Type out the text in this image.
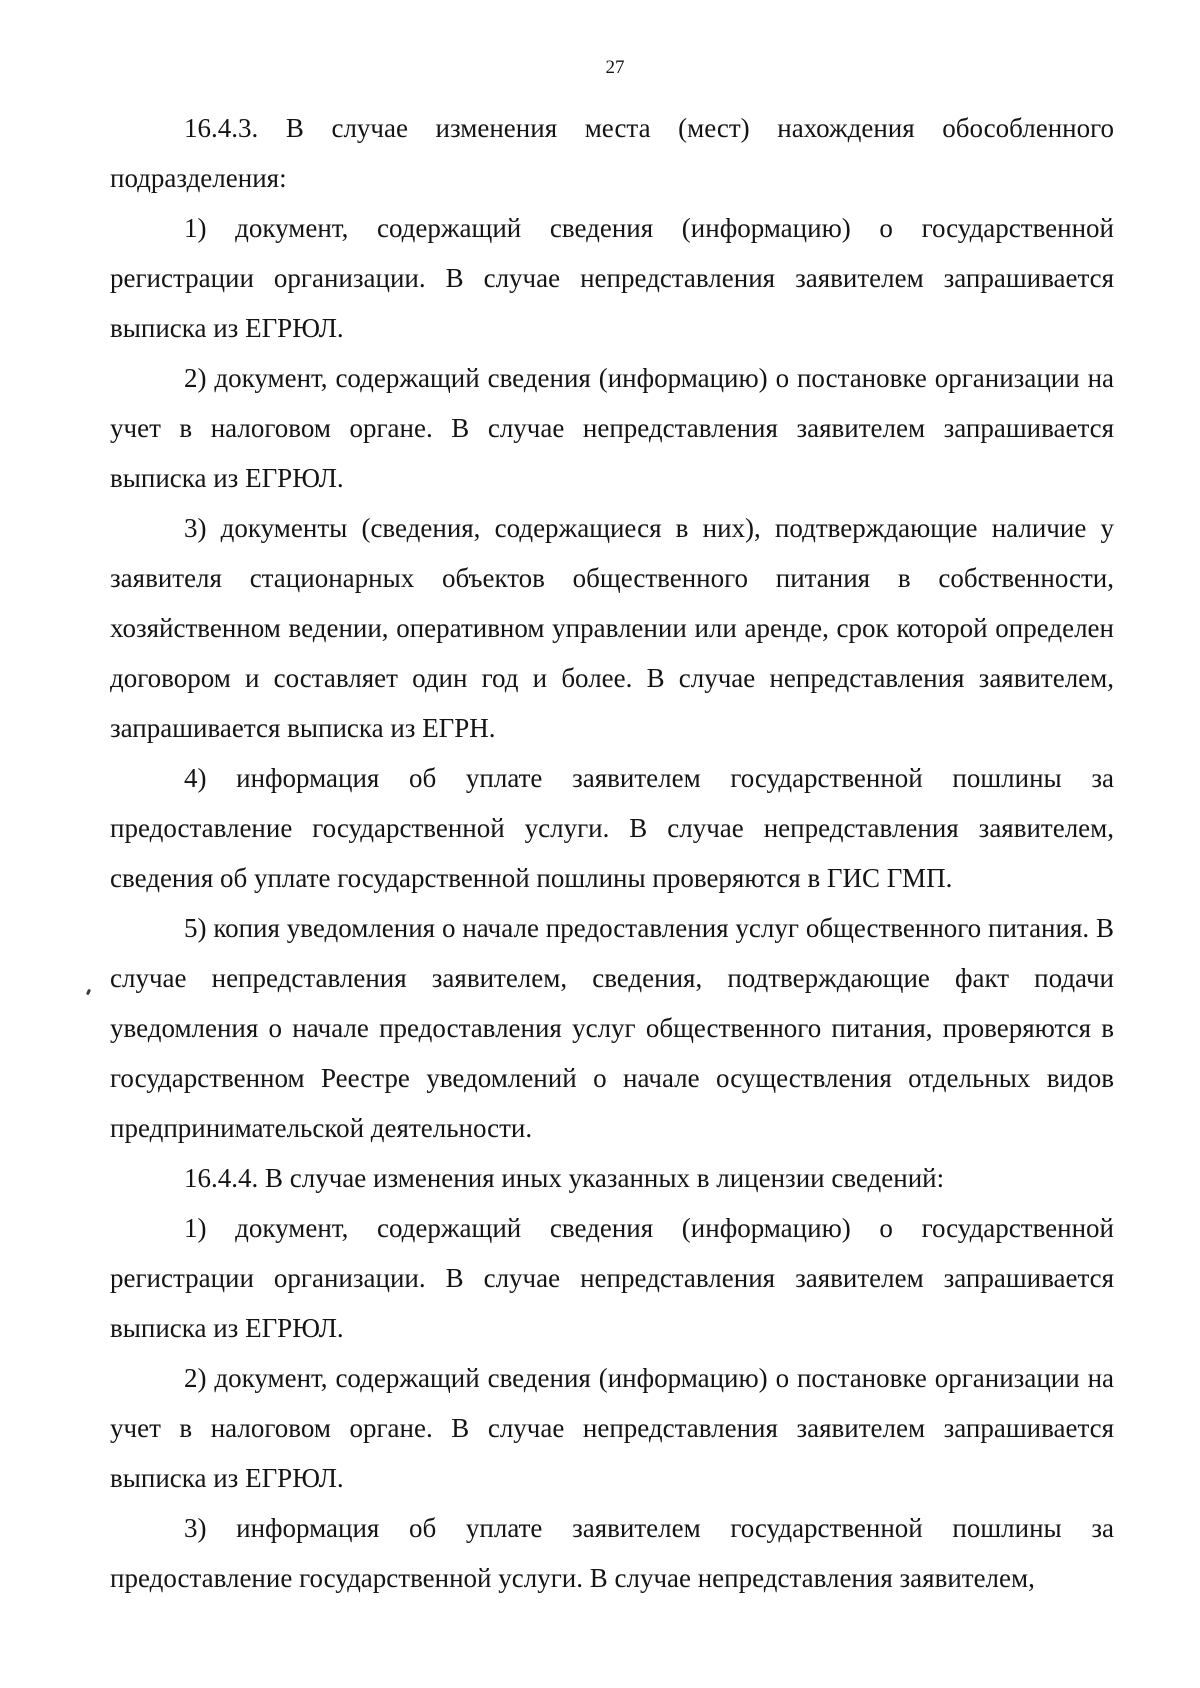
27

16.4.3. В случае изменения места (мест) нахождения обособленного подразделения:

1) документ, содержащий сведения (информацию) о государственной регистрации организации. В случае непредставления заявителем запрашивается выписка из ЕГРЮЛ.

2) документ, содержащий сведения (информацию) о постановке организации на учет в налоговом органе. В случае непредставления заявителем запрашивается выписка из ЕГРЮЛ.

3) документы (сведения, содержащиеся в них), подтверждающие наличие у заявителя стационарных объектов общественного питания в собственности, хозяйственном ведении, оперативном управлении или аренде, срок которой определен договором и составляет один год и более. В случае непредставления заявителем, запрашивается выписка из ЕГРН.

4) информация об уплате заявителем государственной пошлины за предоставление государственной услуги. В случае непредставления заявителем, сведения об уплате государственной пошлины проверяются в ГИС ГМП.

5) копия уведомления о начале предоставления услуг общественного питания. В случае непредставления заявителем, сведения, подтверждающие факт подачи уведомления о начале предоставления услуг общественного питания, проверяются в государственном Реестре уведомлений о начале осуществления отдельных видов предпринимательской деятельности.

16.4.4. В случае изменения иных указанных в лицензии сведений:

1) документ, содержащий сведения (информацию) о государственной регистрации организации. В случае непредставления заявителем запрашивается выписка из ЕГРЮЛ.

2) документ, содержащий сведения (информацию) о постановке организации на учет в налоговом органе. В случае непредставления заявителем запрашивается выписка из ЕГРЮЛ.

3) информация об уплате заявителем государственной пошлины за предоставление государственной услуги. В случае непредставления заявителем,
